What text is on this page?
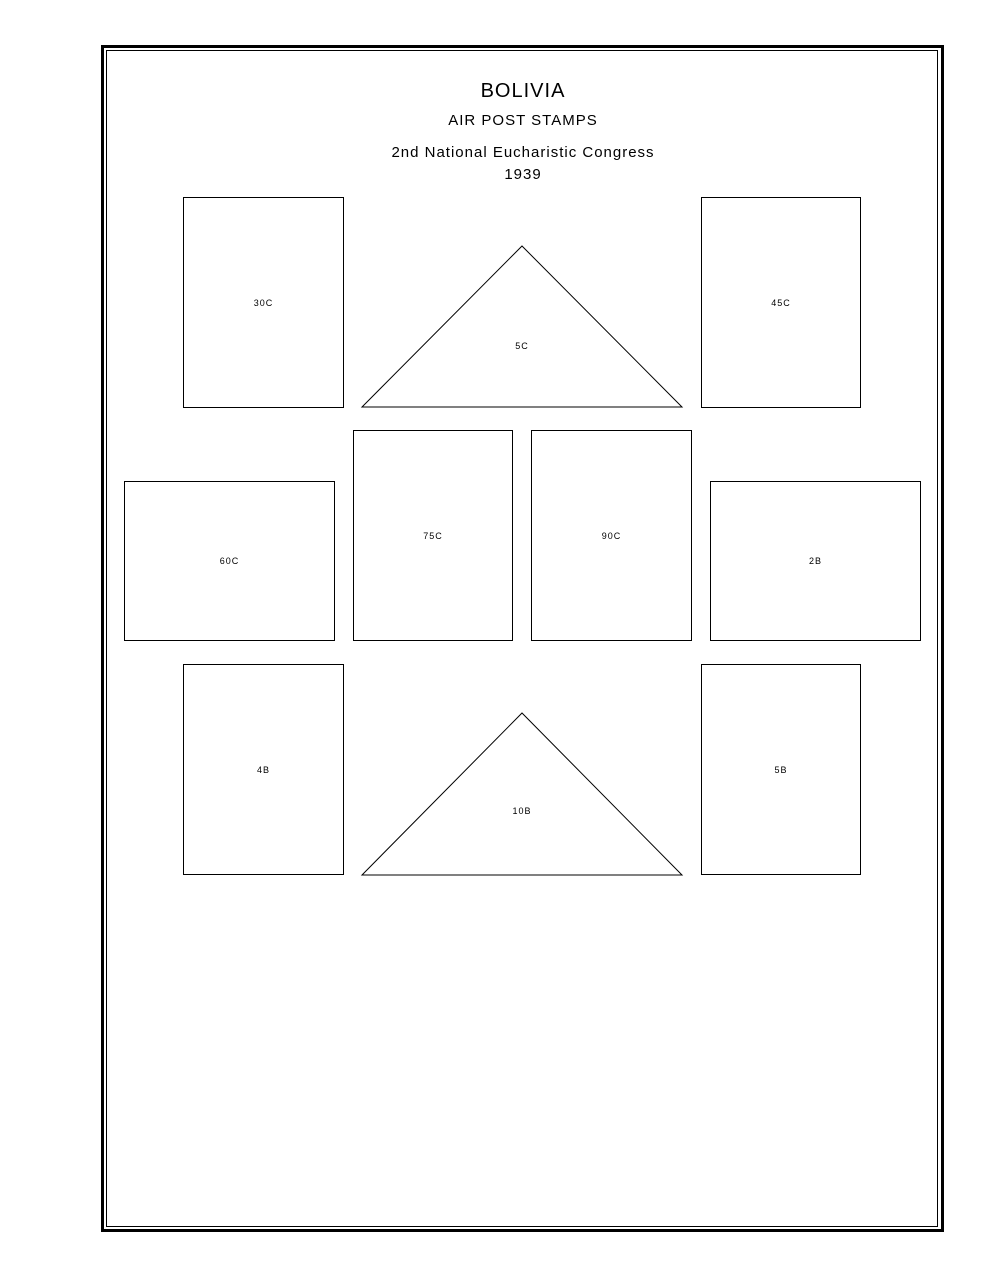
BOLIVIA
AIR POST STAMPS
2nd National Eucharistic Congress
1939
30C
5C
45C
60C
75C	90C
2B
4B
10B
5B
